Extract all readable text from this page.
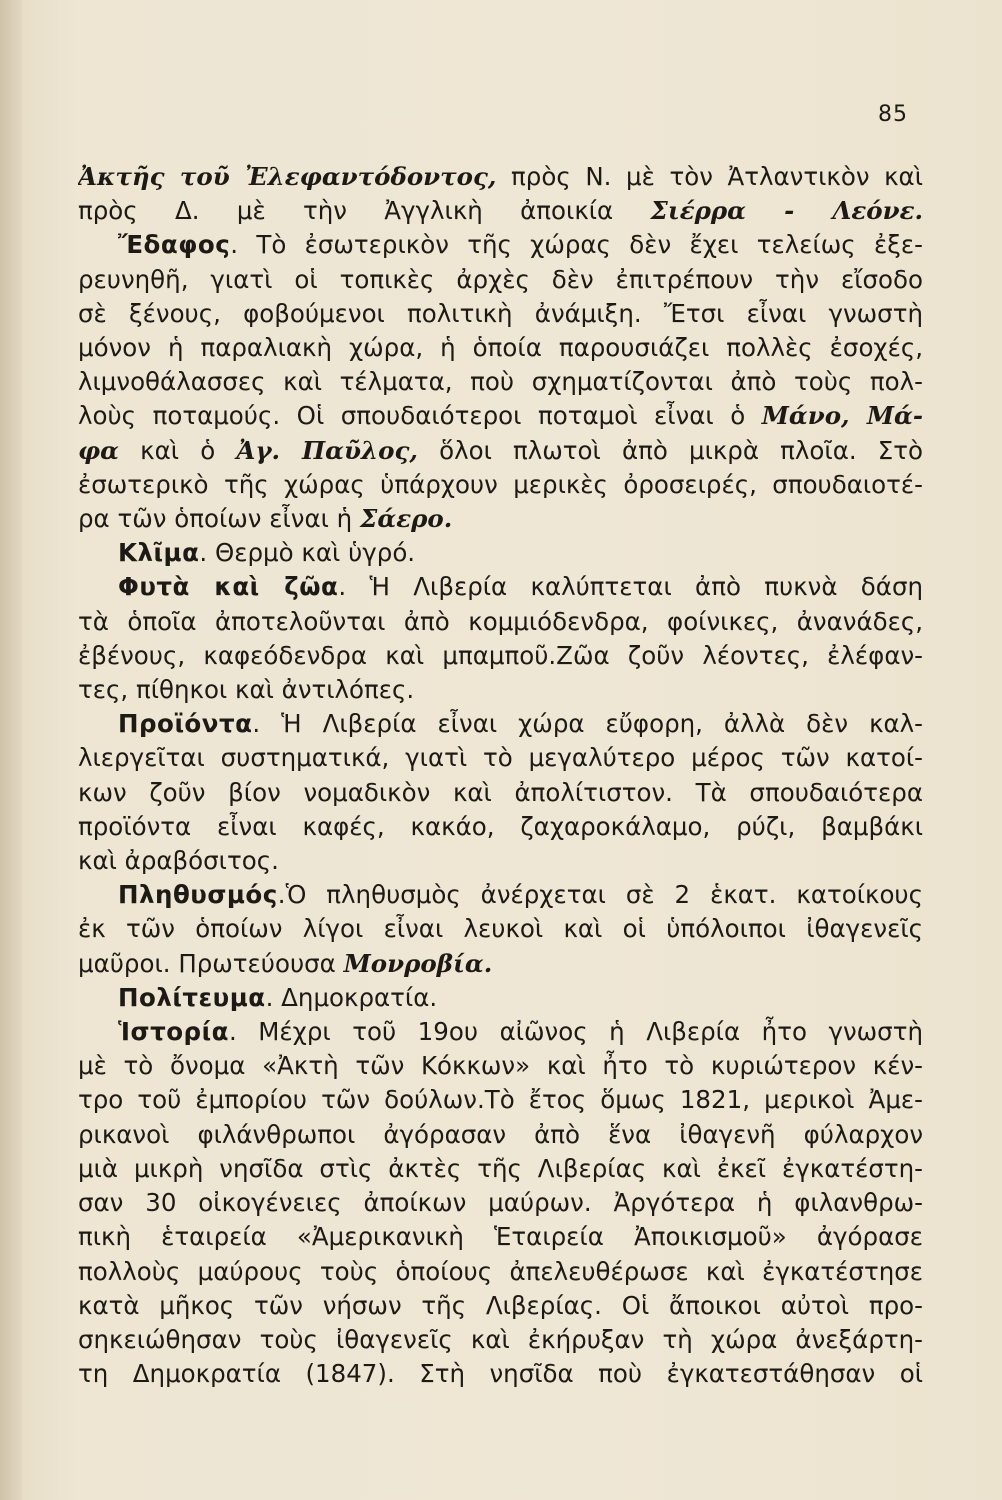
85
Ἀκτῆς τοῦ Ἐλεφαντόδοντος, πρὸς Ν. μὲ τὸν Ἀτλαντικὸν καὶ
πρὸς Δ. μὲ τὴν Ἀγγλικὴ ἀποικία Σιέρρα - Λεόνε.
Ἔδαφος. Τὸ ἐσωτερικὸν τῆς χώρας δὲν ἔχει τελείως ἐξε-
ρευνηθῆ, γιατὶ οἱ τοπικὲς ἀρχὲς δὲν ἐπιτρέπουν τὴν εἴσοδο
σὲ ξένους, φοβούμενοι πολιτικὴ ἀνάμιξη. Ἔτσι εἶναι γνωστὴ
μόνον ἡ παραλιακὴ χώρα, ἡ ὁποία παρουσιάζει πολλὲς ἐσοχές,
λιμνοθάλασσες καὶ τέλματα, ποὺ σχηματίζονται ἀπὸ τοὺς πολ-
λοὺς ποταμούς. Οἱ σπουδαιότεροι ποταμοὶ εἶναι ὁ Μάνο, Μά-
φα καὶ ὁ Ἀγ. Παῦλος, ὅλοι πλωτοὶ ἀπὸ μικρὰ πλοῖα. Στὸ
ἐσωτερικὸ τῆς χώρας ὑπάρχουν μερικὲς ὀροσειρές, σπουδαιοτέ-
ρα τῶν ὁποίων εἶναι ἡ Σάερο.
Κλῖμα. Θερμὸ καὶ ὑγρό.
Φυτὰ καὶ ζῶα. Ἡ Λιβερία καλύπτεται ἀπὸ πυκνὰ δάση
τὰ ὁποῖα ἀποτελοῦνται ἀπὸ κομμιόδενδρα, φοίνικες, ἀνανάδες,
ἐβένους, καφεόδενδρα καὶ μπαμποῦ.Ζῶα ζοῦν λέοντες, ἐλέφαν-
τες, πίθηκοι καὶ ἀντιλόπες.
Προϊόντα. Ἡ Λιβερία εἶναι χώρα εὔφορη, ἀλλὰ δὲν καλ-
λιεργεῖται συστηματικά, γιατὶ τὸ μεγαλύτερο μέρος τῶν κατοί-
κων ζοῦν βίον νομαδικὸν καὶ ἀπολίτιστον. Τὰ σπουδαιότερα
προϊόντα εἶναι καφές, κακάο, ζαχαροκάλαμο, ρύζι, βαμβάκι
καὶ ἀραβόσιτος.
Πληθυσμός.Ὁ πληθυσμὸς ἀνέρχεται σὲ 2 ἑκατ. κατοίκους
ἐκ τῶν ὁποίων λίγοι εἶναι λευκοὶ καὶ οἱ ὑπόλοιποι ἰθαγενεῖς
μαῦροι. Πρωτεύουσα Μονροβία.
Πολίτευμα. Δημοκρατία.
Ἱστορία. Μέχρι τοῦ 19ου αἰῶνος ἡ Λιβερία ἦτο γνωστὴ
μὲ τὸ ὄνομα «Ἀκτὴ τῶν Κόκκων» καὶ ἦτο τὸ κυριώτερον κέν-
τρο τοῦ ἐμπορίου τῶν δούλων.Τὸ ἔτος ὅμως 1821, μερικοὶ Ἀμε-
ρικανοὶ φιλάνθρωποι ἀγόρασαν ἀπὸ ἕνα ἰθαγενῆ φύλαρχον
μιὰ μικρὴ νησῖδα στὶς ἀκτὲς τῆς Λιβερίας καὶ ἐκεῖ ἐγκατέστη-
σαν 30 οἰκογένειες ἀποίκων μαύρων. Ἀργότερα ἡ φιλανθρω-
πικὴ ἑταιρεία «Ἀμερικανικὴ Ἑταιρεία Ἀποικισμοῦ» ἀγόρασε
πολλοὺς μαύρους τοὺς ὁποίους ἀπελευθέρωσε καὶ ἐγκατέστησε
κατὰ μῆκος τῶν νήσων τῆς Λιβερίας. Οἱ ἄποικοι αὐτοὶ προ-
σηκειώθησαν τοὺς ἰθαγενεῖς καὶ ἐκήρυξαν τὴ χώρα ἀνεξάρτη-
τη Δημοκρατία (1847). Στὴ νησῖδα ποὺ ἐγκατεστάθησαν οἱ
